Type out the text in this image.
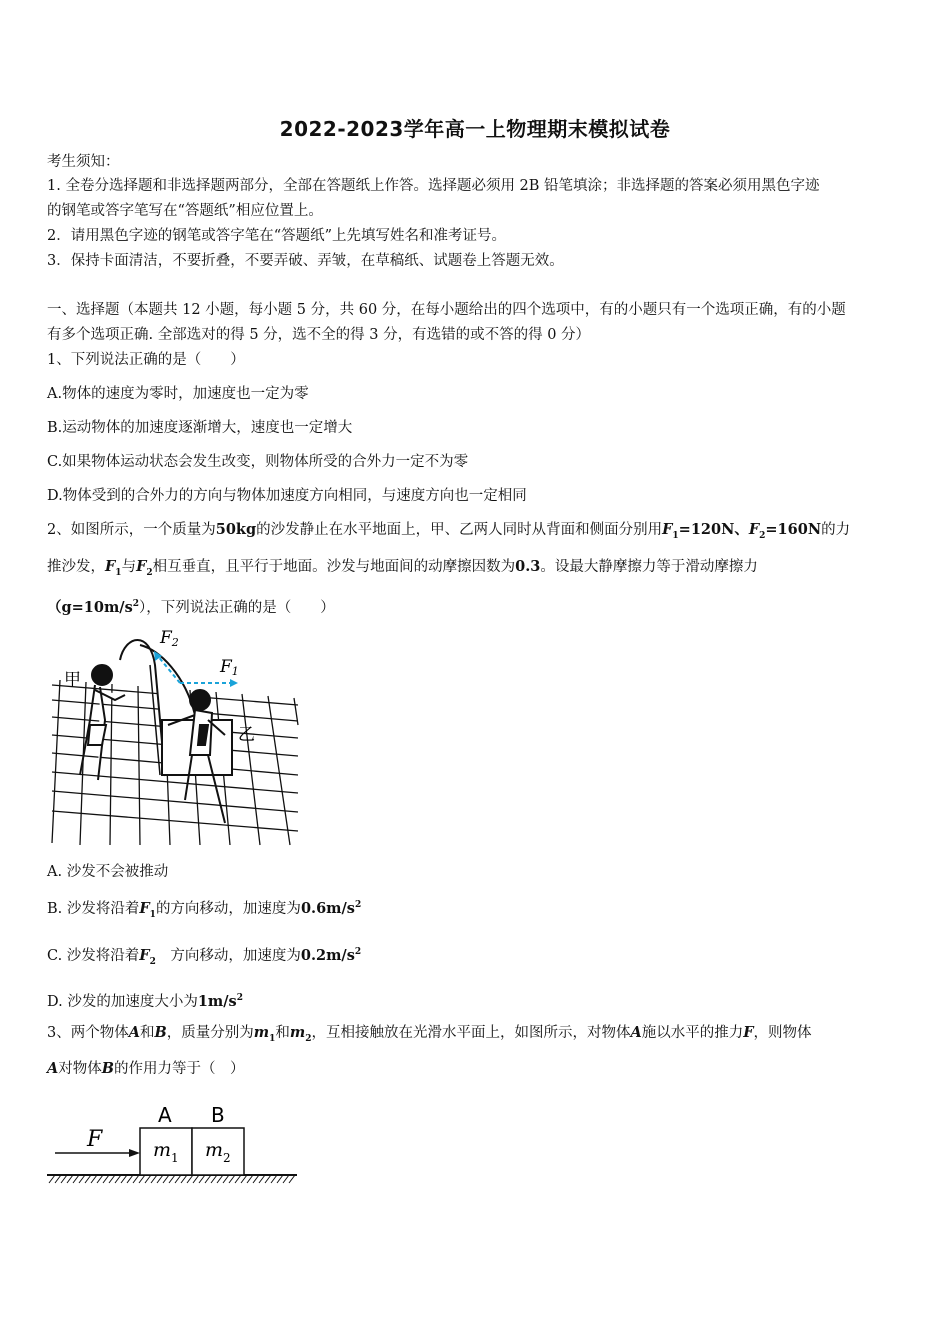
2022-2023学年高一上物理期末模拟试卷
考生须知：
1. 全卷分选择题和非选择题两部分，全部在答题纸上作答。选择题必须用 2B 铅笔填涂；非选择题的答案必须用黑色字迹
的钢笔或答字笔写在“答题纸”相应位置上。
2．请用黑色字迹的钢笔或答字笔在“答题纸”上先填写姓名和准考证号。
3．保持卡面清洁，不要折叠，不要弄破、弄皱，在草稿纸、试题卷上答题无效。
一、选择题（本题共 12 小题，每小题 5 分，共 60 分，在每小题给出的四个选项中，有的小题只有一个选项正确，有的小题
有多个选项正确. 全部选对的得 5 分，选不全的得 3 分，有选错的或不答的得 0 分）
1、下列说法正确的是（　　）
A.物体的速度为零时，加速度也一定为零
B.运动物体的加速度逐渐增大，速度也一定增大
C.如果物体运动状态会发生改变，则物体所受的合外力一定不为零
D.物体受到的合外力的方向与物体加速度方向相同，与速度方向也一定相同
2、如图所示，一个质量为50kg的沙发静止在水平地面上，甲、乙两人同时从背面和侧面分别用$F_1=120N$、$F_2=160N$的力
推沙发，$F_1$与$F_2$相互垂直，且平行于地面。沙发与地面间的动摩擦因数为0.3。设最大静摩擦力等于滑动摩擦力
$(g=10m/s^2)$，下列说法正确的是（　　）
F2
F1
甲
乙
A. 沙发不会被推动
B. 沙发将沿着$F_1$的方向移动，加速度为$0.6m/s^2$
C. 沙发将沿着$F_2$　 方向移动，加速度为$0.2m/s^2$
D. 沙发的加速度大小为$1m/s^2$
3、两个物体A和B，质量分别为$m_1$和$m_2$，互相接触放在光滑水平面上，如图所示，对物体A施以水平的推力F，则物体
A对物体B的作用力等于（　）
F
A B
$m_1$ $m_2$
